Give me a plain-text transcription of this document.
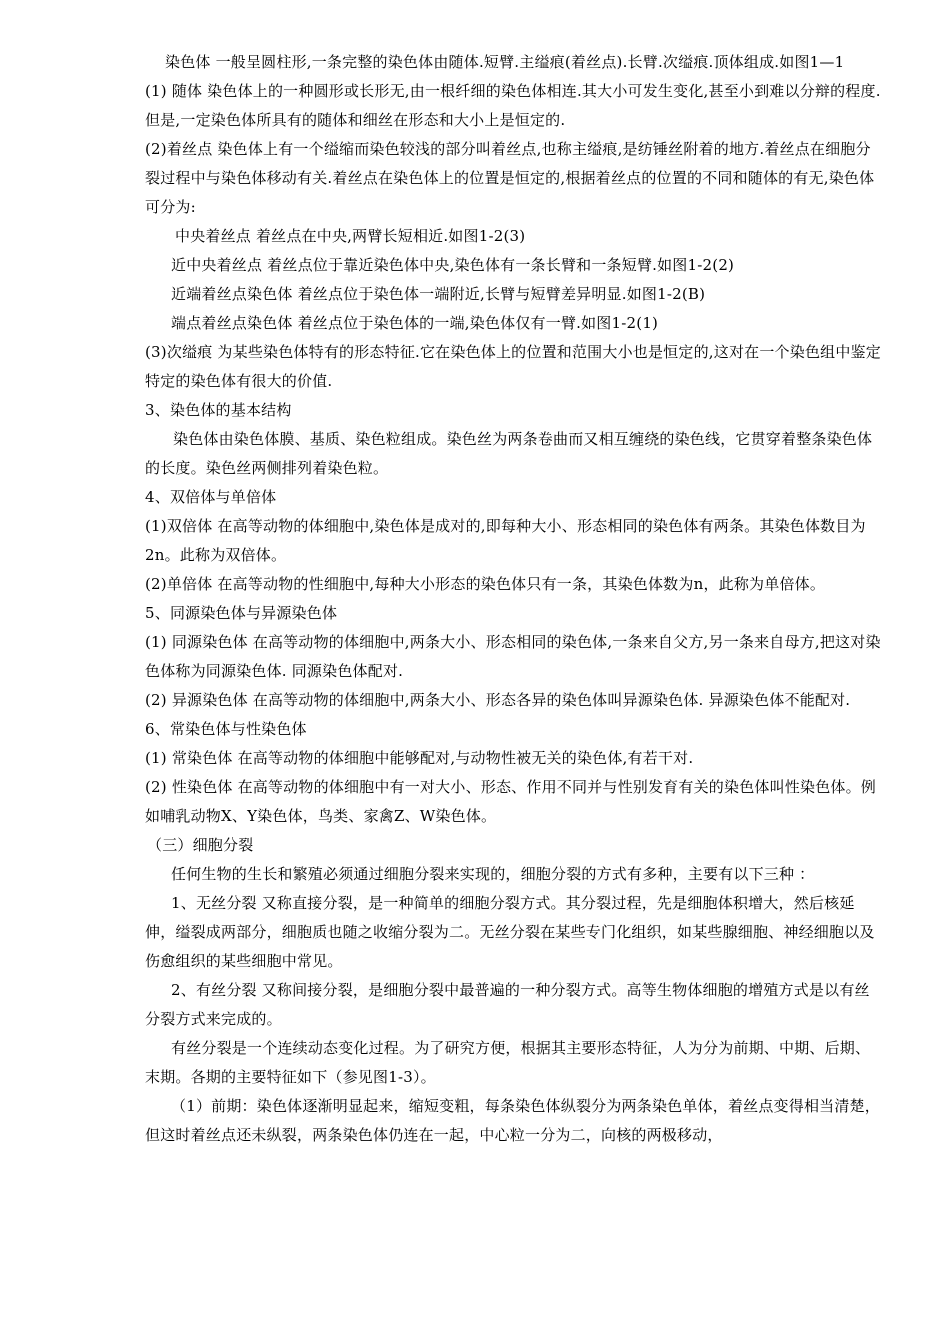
染色体 一般呈圆柱形,一条完整的染色体由随体.短臂.主缢痕(着丝点).长臂.次缢痕.顶体组成.如图1—1

(1) 随体 染色体上的一种圆形或长形无,由一根纤细的染色体相连.其大小可发生变化,甚至小到难以分辩的程度.但是,一定染色体所具有的随体和细丝在形态和大小上是恒定的.

(2)着丝点 染色体上有一个缢缩而染色较浅的部分叫着丝点,也称主缢痕,是纺锤丝附着的地方.着丝点在细胞分裂过程中与染色体移动有关.着丝点在染色体上的位置是恒定的,根据着丝点的位置的不同和随体的有无,染色体可分为:

中央着丝点 着丝点在中央,两臂长短相近.如图1-2(3)

近中央着丝点 着丝点位于靠近染色体中央,染色体有一条长臂和一条短臂.如图1-2(2)

近端着丝点染色体 着丝点位于染色体一端附近,长臂与短臂差异明显.如图1-2(B)

端点着丝点染色体 着丝点位于染色体的一端,染色体仅有一臂.如图1-2(1)

(3)次缢痕 为某些染色体特有的形态特征.它在染色体上的位置和范围大小也是恒定的,这对在一个染色组中鉴定特定的染色体有很大的价值.

3、染色体的基本结构

染色体由染色体膜、基质、染色粒组成。染色丝为两条卷曲而又相互缠绕的染色线，它贯穿着整条染色体的长度。染色丝两侧排列着染色粒。

4、双倍体与单倍体

(1)双倍体 在高等动物的体细胞中,染色体是成对的,即每种大小、形态相同的染色体有两条。其染色体数目为2n。此称为双倍体。

(2)单倍体 在高等动物的性细胞中,每种大小形态的染色体只有一条，其染色体数为n，此称为单倍体。

5、同源染色体与异源染色体

(1) 同源染色体 在高等动物的体细胞中,两条大小、形态相同的染色体,一条来自父方,另一条来自母方,把这对染色体称为同源染色体. 同源染色体配对.

(2) 异源染色体 在高等动物的体细胞中,两条大小、形态各异的染色体叫异源染色体. 异源染色体不能配对.

6、常染色体与性染色体

(1) 常染色体 在高等动物的体细胞中能够配对,与动物性被无关的染色体,有若干对.

(2) 性染色体 在高等动物的体细胞中有一对大小、形态、作用不同并与性别发育有关的染色体叫性染色体。例如哺乳动物X、Y染色体，鸟类、家禽Z、W染色体。

（三）细胞分裂

任何生物的生长和繁殖必须通过细胞分裂来实现的，细胞分裂的方式有多种，主要有以下三种 ：

1、无丝分裂 又称直接分裂，是一种简单的细胞分裂方式。其分裂过程，先是细胞体积增大，然后核延伸，缢裂成两部分，细胞质也随之收缩分裂为二。无丝分裂在某些专门化组织，如某些腺细胞、神经细胞以及伤愈组织的某些细胞中常见。

2、有丝分裂 又称间接分裂，是细胞分裂中最普遍的一种分裂方式。高等生物体细胞的增殖方式是以有丝分裂方式来完成的。

有丝分裂是一个连续动态变化过程。为了研究方便，根据其主要形态特征，人为分为前期、中期、后期、末期。各期的主要特征如下（参见图1-3）。

（1）前期：染色体逐渐明显起来，缩短变粗，每条染色体纵裂分为两条染色单体，着丝点变得相当清楚，但这时着丝点还未纵裂，两条染色体仍连在一起，中心粒一分为二，向核的两极移动，
